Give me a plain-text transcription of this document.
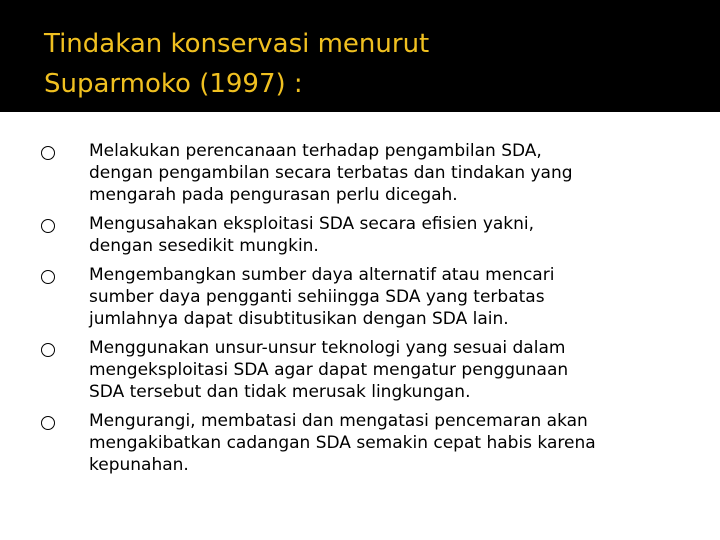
Tindakan konservasi menurut
Suparmoko (1997) :
Melakukan perencanaan terhadap pengambilan SDA,
dengan pengambilan secara terbatas dan tindakan yang
mengarah pada pengurasan perlu dicegah.
Mengusahakan eksploitasi SDA secara efisien yakni,
dengan sesedikit mungkin.
Mengembangkan sumber daya alternatif atau mencari
sumber daya pengganti sehiingga SDA yang terbatas
jumlahnya dapat disubtitusikan dengan SDA lain.
Menggunakan unsur-unsur teknologi yang sesuai dalam
mengeksploitasi SDA agar dapat mengatur penggunaan
SDA tersebut dan tidak merusak lingkungan.
Mengurangi, membatasi dan mengatasi pencemaran akan
mengakibatkan cadangan SDA semakin cepat habis karena
kepunahan.
